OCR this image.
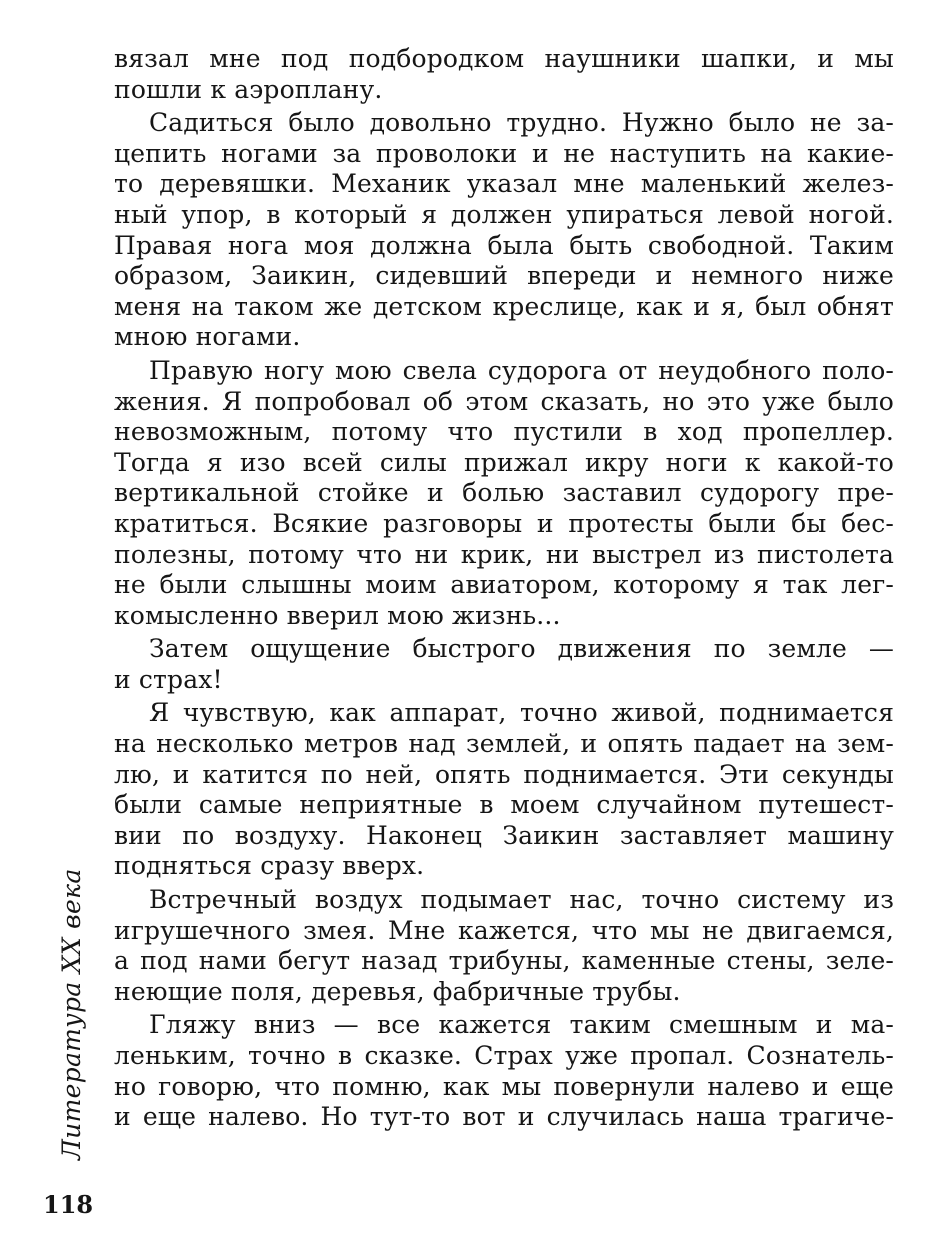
вязал мне под подбородком наушники шапки, и мы
пошли к аэроплану.
Садиться было довольно трудно. Нужно было не за-
цепить ногами за проволоки и не наступить на какие-
то деревяшки. Механик указал мне маленький желез-
ный упор, в который я должен упираться левой ногой.
Правая нога моя должна была быть свободной. Таким
образом, Заикин, сидевший впереди и немного ниже
меня на таком же детском креслице, как и я, был обнят
мною ногами.
Правую ногу мою свела судорога от неудобного поло-
жения. Я попробовал об этом сказать, но это уже было
невозможным, потому что пустили в ход пропеллер.
Тогда я изо всей силы прижал икру ноги к какой-то
вертикальной стойке и болью заставил судорогу пре-
кратиться. Всякие разговоры и протесты были бы бес-
полезны, потому что ни крик, ни выстрел из пистолета
не были слышны моим авиатором, которому я так лег-
комысленно вверил мою жизнь...
Затем ощущение быстрого движения по земле —
и страх!
Я чувствую, как аппарат, точно живой, поднимается
на несколько метров над землей, и опять падает на зем-
лю, и катится по ней, опять поднимается. Эти секунды
были самые неприятные в моем случайном путешест-
вии по воздуху. Наконец Заикин заставляет машину
подняться сразу вверх.
Встречный воздух подымает нас, точно систему из
игрушечного змея. Мне кажется, что мы не двигаемся,
а под нами бегут назад трибуны, каменные стены, зеле-
неющие поля, деревья, фабричные трубы.
Гляжу вниз — все кажется таким смешным и ма-
леньким, точно в сказке. Страх уже пропал. Сознатель-
но говорю, что помню, как мы повернули налево и еще
и еще налево. Но тут-то вот и случилась наша трагиче-
Литература XX века
118
